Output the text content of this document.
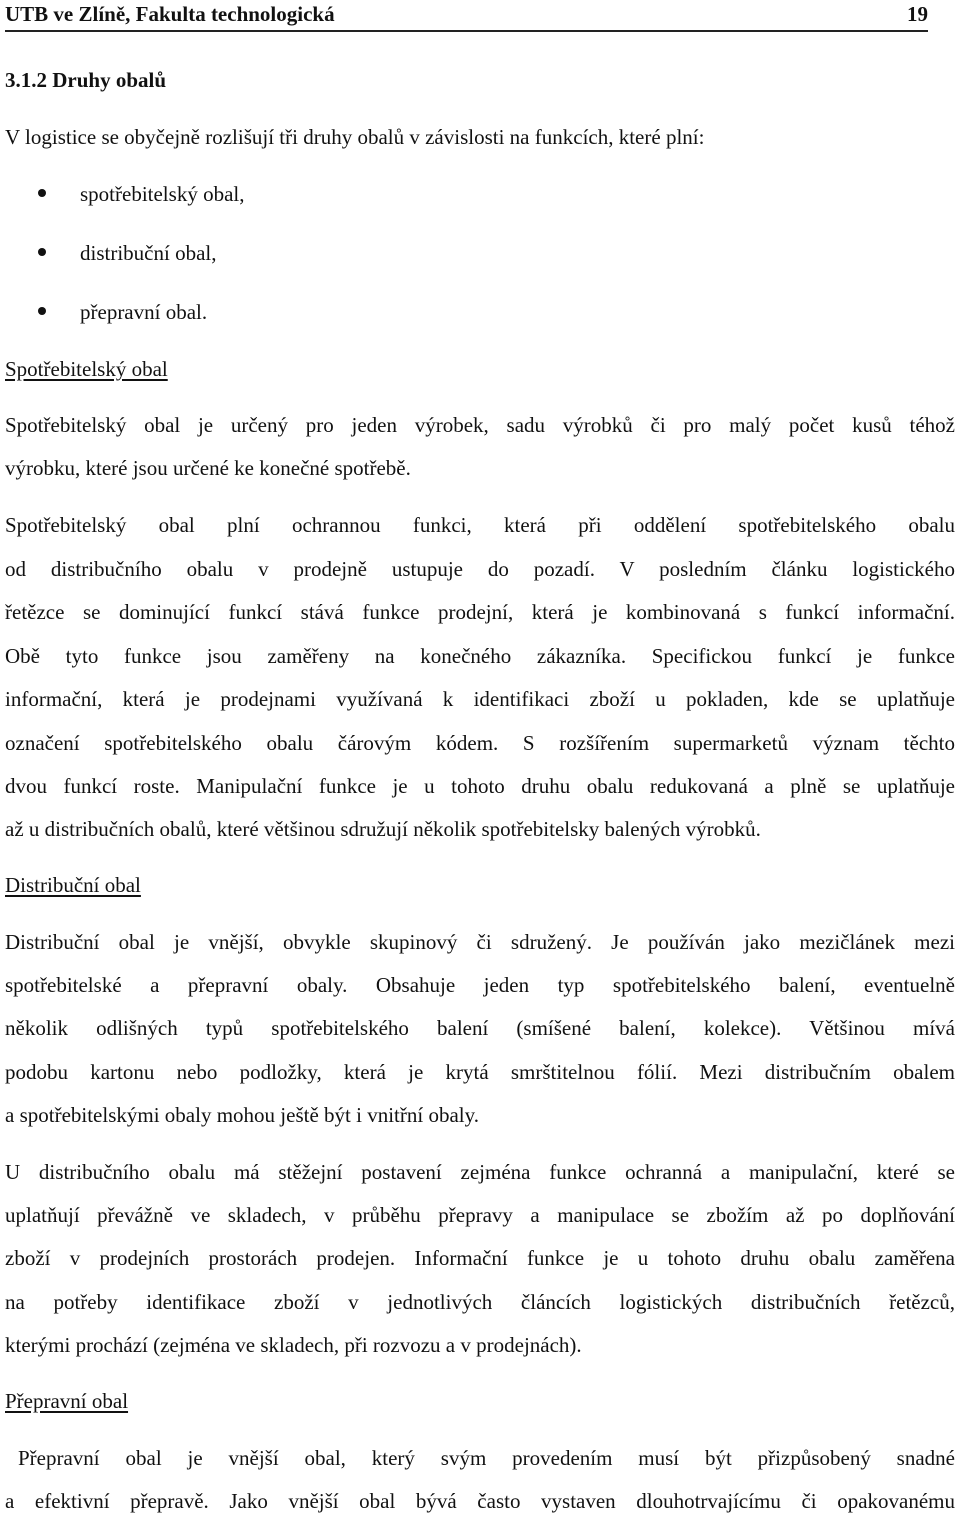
UTB ve Zlíně, Fakulta technologická	19
3.1.2 Druhy obalů
V logistice se obyčejně rozlišují tři druhy obalů v závislosti na funkcích, které plní:
spotřebitelský obal,
distribuční obal,
přepravní obal.
Spotřebitelský obal
Spotřebitelský obal je určený pro jeden výrobek, sadu výrobků či pro malý počet kusů téhož
výrobku, které jsou určené ke konečné spotřebě.
Spotřebitelský obal plní ochrannou funkci, která při oddělení spotřebitelského obalu
od distribučního obalu v prodejně ustupuje do pozadí. V posledním článku logistického
řetězce se dominující funkcí stává funkce prodejní, která je kombinovaná s funkcí informační.
Obě tyto funkce jsou zaměřeny na konečného zákazníka. Specifickou funkcí je funkce
informační, která je prodejnami využívaná k identifikaci zboží u pokladen, kde se uplatňuje
označení spotřebitelského obalu čárovým kódem. S rozšířením supermarketů význam těchto
dvou funkcí roste. Manipulační funkce je u tohoto druhu obalu redukovaná a plně se uplatňuje
až u distribučních obalů, které většinou sdružují několik spotřebitelsky balených výrobků.
Distribuční obal
Distribuční obal je vnější, obvykle skupinový či sdružený. Je používán jako mezičlánek mezi
spotřebitelské a přepravní obaly. Obsahuje jeden typ spotřebitelského balení, eventuelně
několik odlišných typů spotřebitelského balení (smíšené balení, kolekce). Většinou mívá
podobu kartonu nebo podložky, která je krytá smrštitelnou fólií. Mezi distribučním obalem
a spotřebitelskými obaly mohou ještě být i vnitřní obaly.
U distribučního obalu má stěžejní postavení zejména funkce ochranná a manipulační, které se
uplatňují převážně ve skladech, v průběhu přepravy a manipulace se zbožím až po doplňování
zboží v prodejních prostorách prodejen. Informační funkce je u tohoto druhu obalu zaměřena
na potřeby identifikace zboží v jednotlivých článcích logistických distribučních řetězců,
kterými prochází (zejména ve skladech, při rozvozu a v prodejnách).
Přepravní obal
Přepravní obal je vnější obal, který svým provedením musí být přizpůsobený snadné
a efektivní přepravě. Jako vnější obal bývá často vystaven dlouhotrvajícímu či opakovanému
